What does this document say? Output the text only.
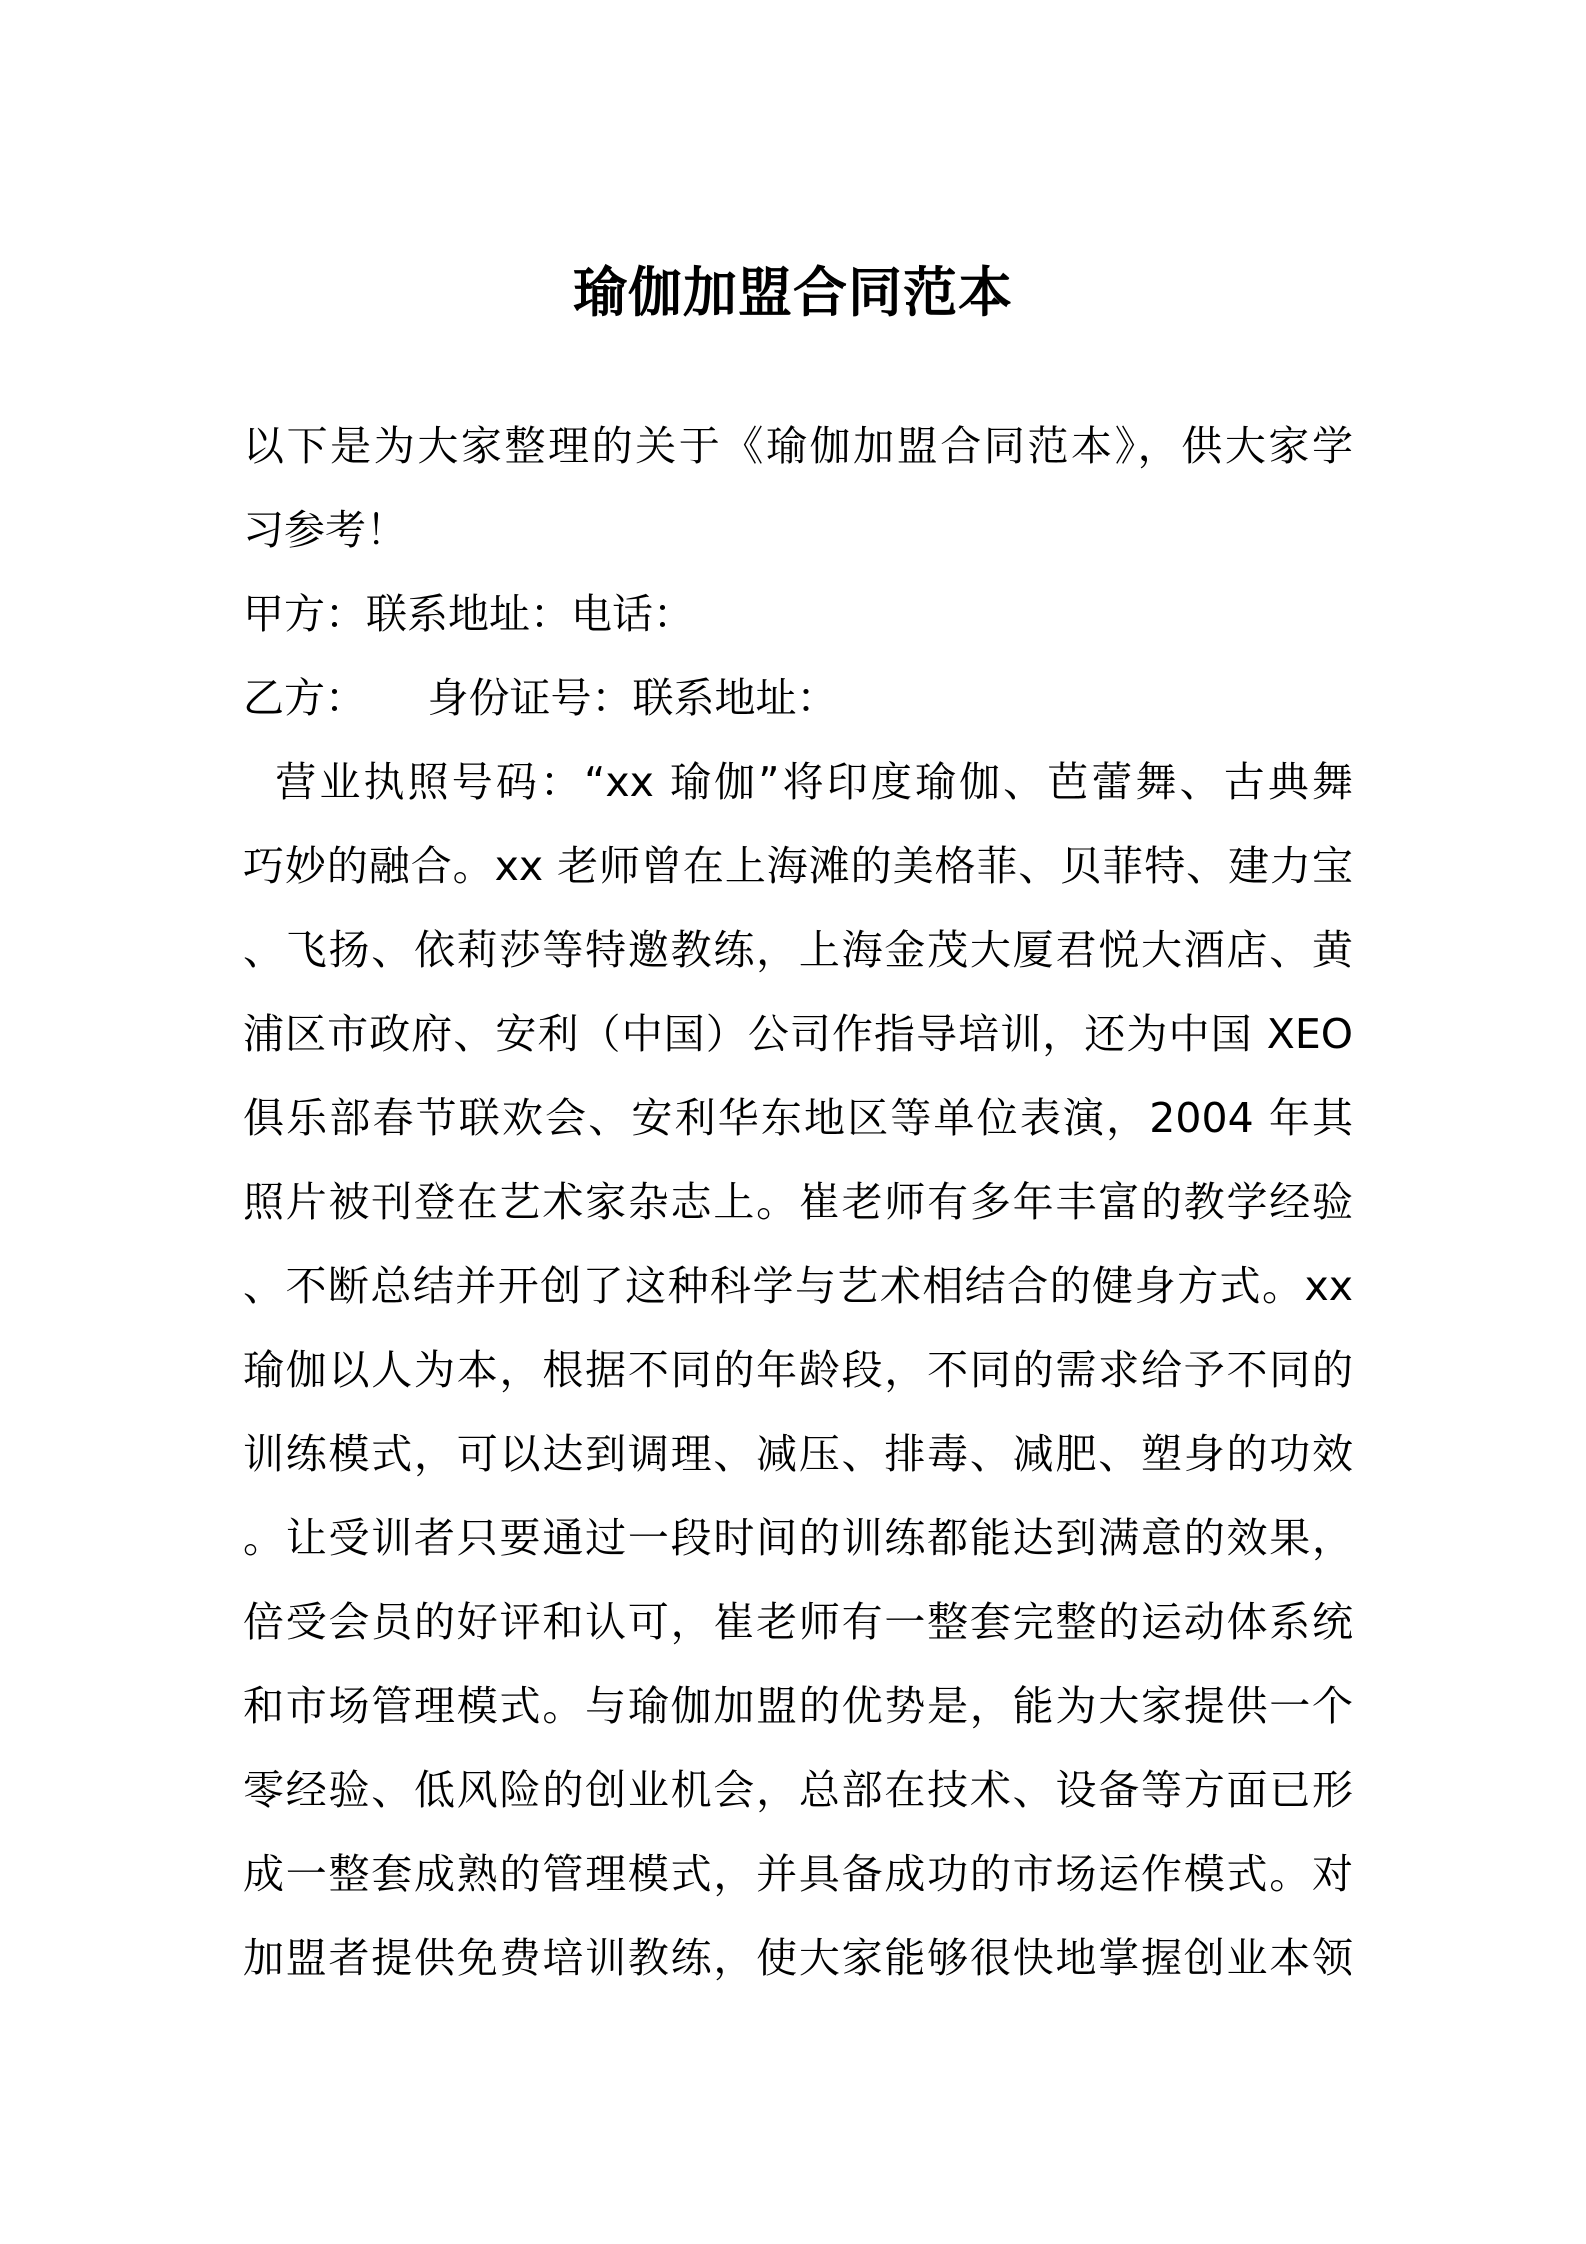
瑜伽加盟合同范本
以下是为大家整理的关于《瑜伽加盟合同范本》，供大家学
习参考！
甲方：联系地址：电话：
乙方：　　身份证号：联系地址：
营业执照号码：“xx 瑜伽”将印度瑜伽、芭蕾舞、古典舞
巧妙的融合。xx 老师曾在上海滩的美格菲、贝菲特、建力宝
、飞扬、依莉莎等特邀教练，上海金茂大厦君悦大酒店、黄
浦区市政府、安利（中国）公司作指导培训，还为中国 XEO
俱乐部春节联欢会、安利华东地区等单位表演，2004 年其
照片被刊登在艺术家杂志上。崔老师有多年丰富的教学经验
、不断总结并开创了这种科学与艺术相结合的健身方式。xx
瑜伽以人为本，根据不同的年龄段，不同的需求给予不同的
训练模式，可以达到调理、减压、排毒、减肥、塑身的功效
。让受训者只要通过一段时间的训练都能达到满意的效果，
倍受会员的好评和认可，崔老师有一整套完整的运动体系统
和市场管理模式。与瑜伽加盟的优势是，能为大家提供一个
零经验、低风险的创业机会，总部在技术、设备等方面已形
成一整套成熟的管理模式，并具备成功的市场运作模式。对
加盟者提供免费培训教练，使大家能够很快地掌握创业本领
